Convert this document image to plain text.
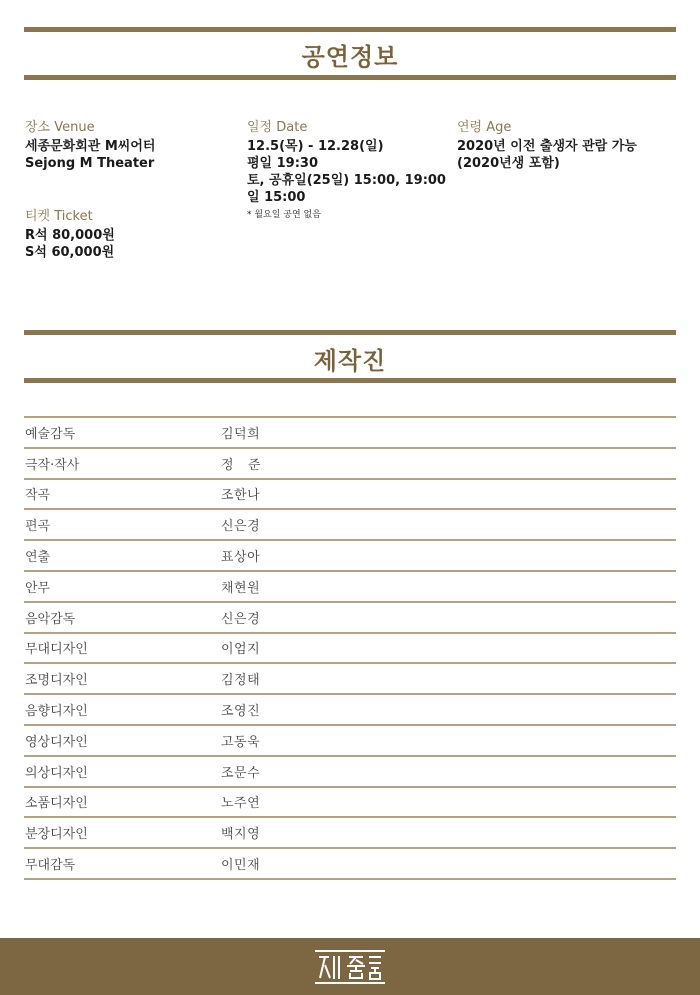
공연정보
장소 Venue
세종문화회관 M씨어터
Sejong M Theater
티켓 Ticket
R석 80,000원
S석 60,000원
일정 Date
12.5(목) - 12.28(일)
평일 19:30
토, 공휴일(25일) 15:00, 19:00
일 15:00
* 월요일 공연 없음
연령 Age
2020년 이전 출생자 관람 가능
(2020년생 포함)
제작진
예술감독	김덕희
극작·작사	정   준
작곡	조한나
편곡	신은경
연출	표상아
안무	채현원
음악감독	신은경
무대디자인	이엄지
조명디자인	김정태
음향디자인	조영진
영상디자인	고동욱
의상디자인	조문수
소품디자인	노주연
분장디자인	백지영
무대감독	이민재
